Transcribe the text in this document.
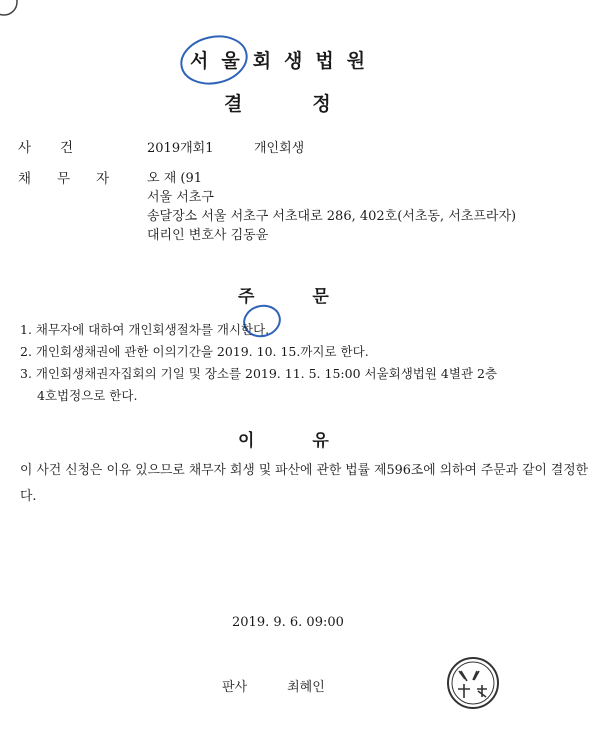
서울회생법원
결정
사건	2019개회1	개인회생
채무자 오 재 (91
서울 서초구
송달장소 서울 서초구 서초대로 286, 402호(서초동, 서초프라자)
대리인 변호사 김동윤
주문
1. 채무자에 대하여 개인회생절차를 개시한다.
2. 개인회생채권에 관한 이의기간을 2019. 10. 15.까지로 한다.
3. 개인회생채권자집회의 기일 및 장소를 2019. 11. 5. 15:00 서울회생법원 4별관 2층
4호법정으로 한다.
이유
이 사건 신청은 이유 있으므로 채무자 회생 및 파산에 관한 법률 제596조에 의하여 주문과 같이 결정한다.
2019. 9. 6. 09:00
판사	최혜인
